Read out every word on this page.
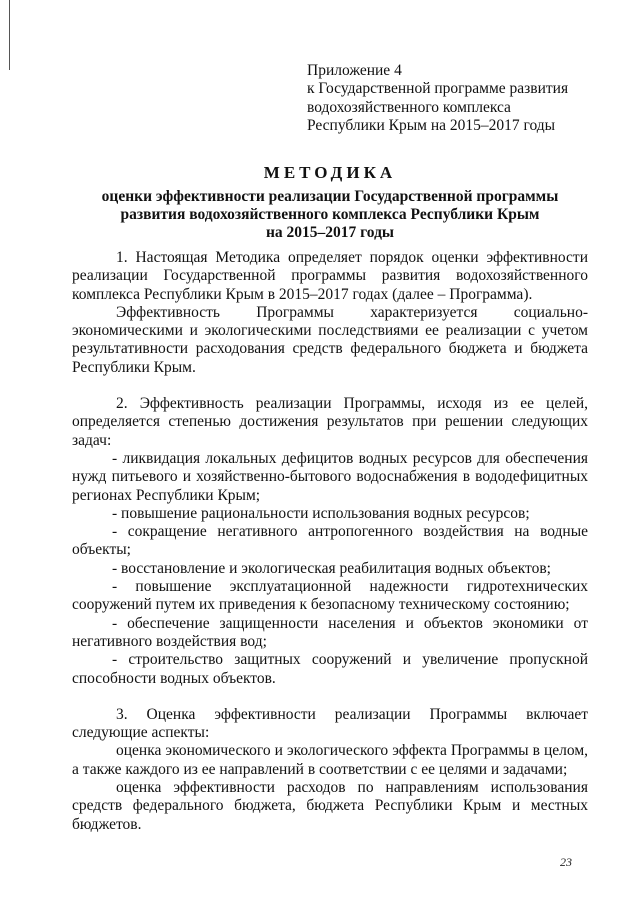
Приложение 4
к Государственной программе развития
водохозяйственного комплекса
Республики Крым на 2015–2017 годы
МЕТОДИКА
оценки эффективности реализации Государственной программы
развития водохозяйственного комплекса Республики Крым
на 2015–2017 годы

1. Настоящая Методика определяет порядок оценки эффективности реализации Государственной программы развития водохозяйственного комплекса Республики Крым в 2015–2017 годах (далее – Программа).

Эффективность Программы характеризуется социально-экономическими и экологическими последствиями ее реализации с учетом результативности расходования средств федерального бюджета и бюджета Республики Крым.

2. Эффективность реализации Программы, исходя из ее целей, определяется степенью достижения результатов при решении следующих задач:

- ликвидация локальных дефицитов водных ресурсов для обеспечения нужд питьевого и хозяйственно-бытового водоснабжения в вододефицитных регионах Республики Крым;

- повышение рациональности использования водных ресурсов;

- сокращение негативного антропогенного воздействия на водные объекты;

- восстановление и экологическая реабилитация водных объектов;

- повышение эксплуатационной надежности гидротехнических сооружений путем их приведения к безопасному техническому состоянию;

- обеспечение защищенности населения и объектов экономики от негативного воздействия вод;

- строительство защитных сооружений и увеличение пропускной способности водных объектов.

3. Оценка эффективности реализации Программы включает следующие аспекты:

оценка экономического и экологического эффекта Программы в целом, а также каждого из ее направлений в соответствии с ее целями и задачами;

оценка эффективности расходов по направлениям использования средств федерального бюджета, бюджета Республики Крым и местных бюджетов.

23
